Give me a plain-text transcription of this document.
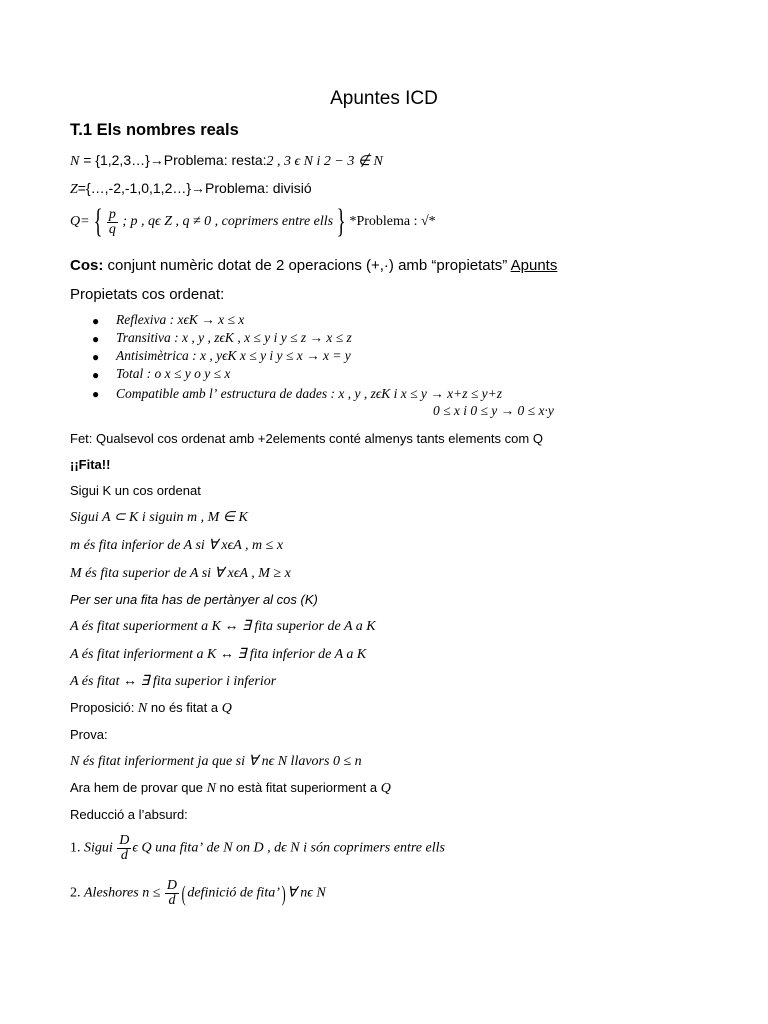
Apuntes ICD
T.1 Els nombres reals
N = {1,2,3…}→Problema: resta:2 , 3 ϵ N i 2 − 3 ∉ N
Z={…,-2,-1,0,1,2…}→Problema: divisió
Q= { $\frac{p}{q}$ ; p , qϵ Z , q ≠ 0 , coprimers entre ells } *Problema : √*
Cos: conjunt numèric dotat de 2 operacions (+,·) amb “propietats” Apunts
Propietats cos ordenat:
● Reflexiva : xϵK → x ≤ x
● Transitiva : x , y , zϵK , x ≤ y i y ≤ z → x ≤ z
● Antisimètrica : x , yϵK x ≤ y i y ≤ x → x = y
● Total : o x ≤ y o y ≤ x
● Compatible amb lʼ estructura de dades : x , y , zϵK i x ≤ y → x+z ≤ y+z
0 ≤ x i 0 ≤ y → 0 ≤ x·y
Fet: Qualsevol cos ordenat amb +2elements conté almenys tants elements com Q
¡¡Fita!!
Sigui K un cos ordenat
Sigui A ⊂ K i siguin m , M ∈ K
m és fita inferior de A si ∀ xϵA , m ≤ x
M és fita superior de A si ∀ xϵA , M ≥ x
Per ser una fita has de pertànyer al cos (K)
A és fitat superiorment a K ↔ ∃ fita superior de A a K
A és fitat inferiorment a K ↔ ∃ fita inferior de A a K
A és fitat ↔ ∃ fita superior i inferior
Proposició: N no és fitat a Q
Prova:
N és fitat inferiorment ja que si ∀ nϵ N llavors 0 ≤ n
Ara hem de provar que N no està fitat superiorment a Q
Reducció a l’absurd:
1. Sigui $\frac{D}{d}$ ϵ Q una fitaʼ de N on D , dϵ N i són coprimers entre ells
2. Aleshores $n \le \frac{D}{d}$ ( definició de fitaʼ) ∀ nϵ N
